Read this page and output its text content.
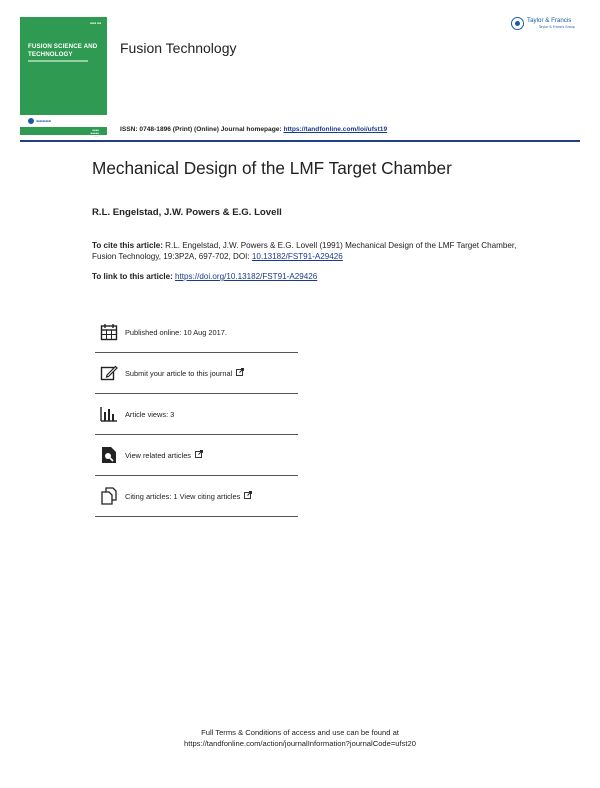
▪▪▪ ▪▪
FUSION SCIENCE AND TECHNOLOGY
▬▬▬▬▬
▪▪▪▪
▪▪▪▪▪
▪▪▪
Fusion Technology
Taylor & Francis
Taylor & Francis Group
ISSN: 0748-1896 (Print) (Online) Journal homepage: https://tandfonline.com/loi/ufst19
Mechanical Design of the LMF Target Chamber
R.L. Engelstad, J.W. Powers & E.G. Lovell
To cite this article: R.L. Engelstad, J.W. Powers & E.G. Lovell (1991) Mechanical Design of the LMF Target Chamber, Fusion Technology, 19:3P2A, 697-702, DOI: 10.13182/FST91-A29426
To link to this article: https://doi.org/10.13182/FST91-A29426
Published online: 10 Aug 2017.
Submit your article to this journal
Article views: 3
View related articles
Citing articles: 1 View citing articles
Full Terms & Conditions of access and use can be found at
https://tandfonline.com/action/journalInformation?journalCode=ufst20
